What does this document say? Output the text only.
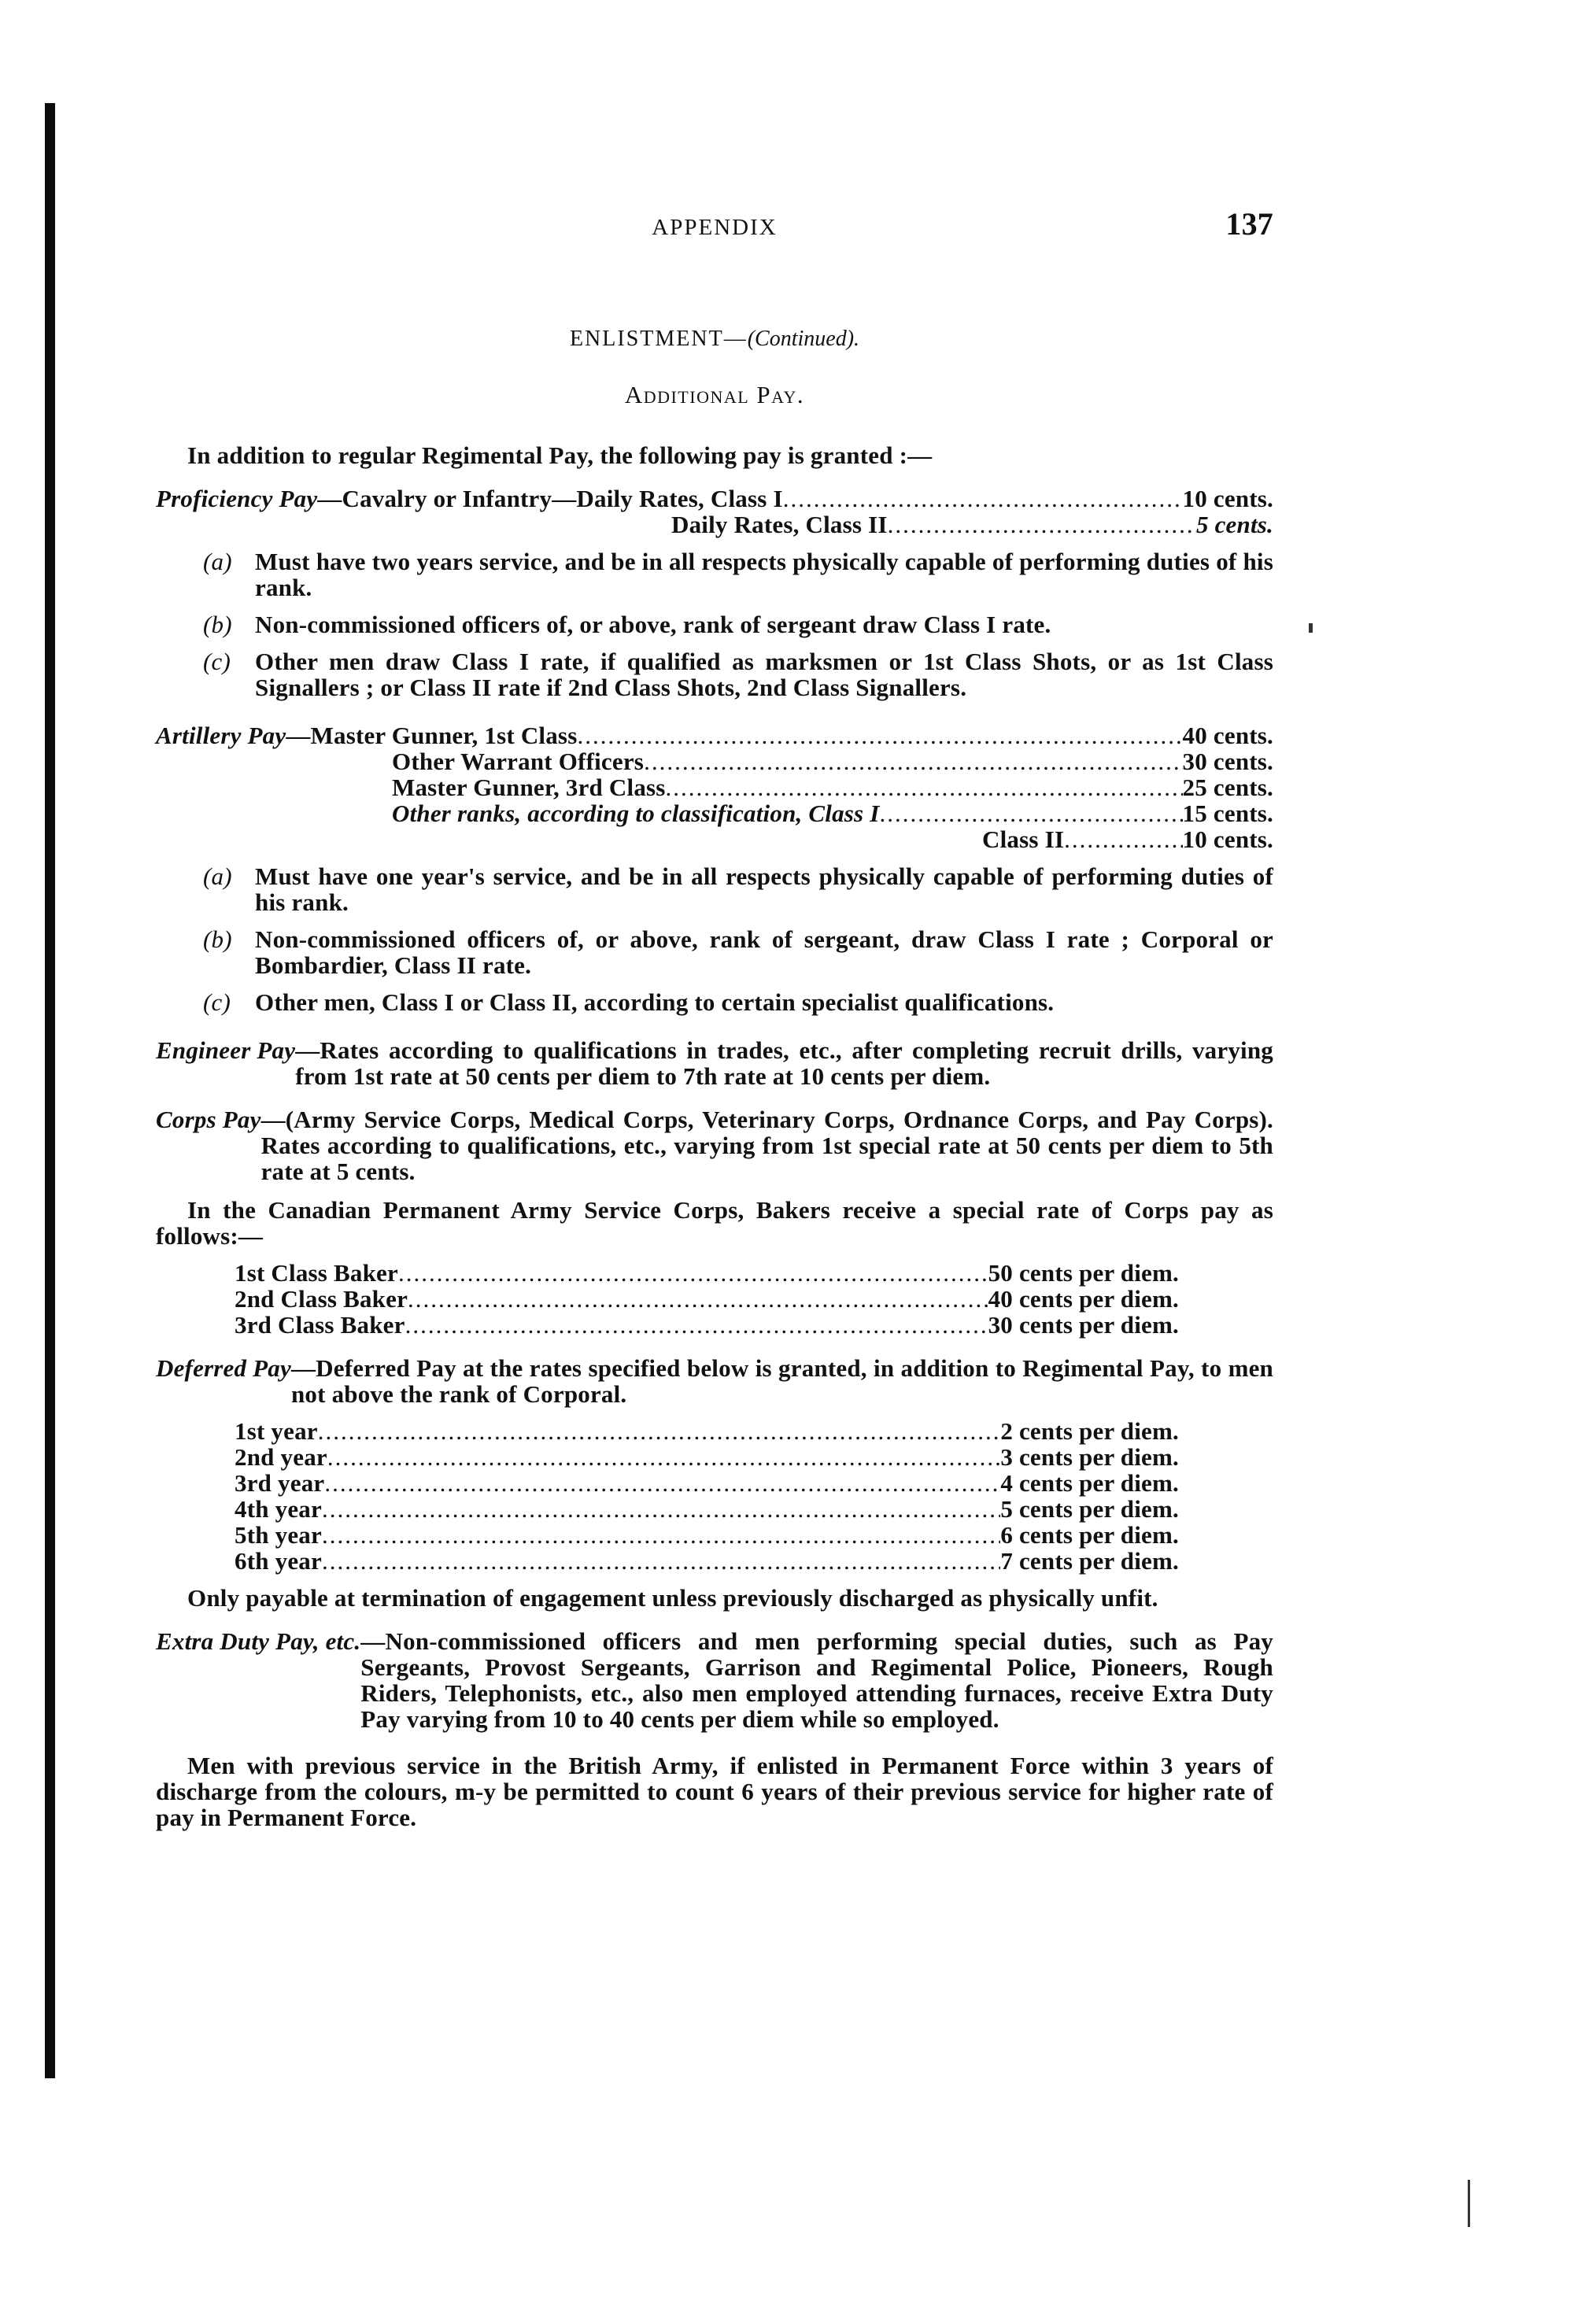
APPENDIX	137
ENLISTMENT—(Continued).
Additional Pay.
In addition to regular Regimental Pay, the following pay is granted :—
Proficiency Pay —Cavalry or Infantry— Daily Rates, Class I .....	10 cents.
Daily Rates, Class II .....	5 cents.
(a) Must have two years service, and be in all respects physically capable of performing duties of his rank.
(b) Non-commissioned officers of, or above, rank of sergeant draw Class I rate.
(c) Other men draw Class I rate, if qualified as marksmen or 1st Class Shots, or as 1st Class Signallers ; or Class II rate if 2nd Class Shots, 2nd Class Signallers.
Artillery Pay — Master Gunner, 1st Class .....	40 cents.
Other Warrant Officers .....	30 cents.
Master Gunner, 3rd Class .....	25 cents.
Other ranks, according to classification, Class I .....	15 cents.
Class II .....	10 cents.
(a) Must have one year's service, and be in all respects physically capable of performing duties of his rank.
(b) Non-commissioned officers of, or above, rank of sergeant, draw Class I rate ; Corporal or Bombardier, Class II rate.
(c) Other men, Class I or Class II, according to certain specialist qualifications.
Engineer Pay —Rates according to qualifications in trades, etc., after completing recruit drills, varying from 1st rate at 50 cents per diem to 7th rate at 10 cents per diem.
Corps Pay —(Army Service Corps, Medical Corps, Veterinary Corps, Ordnance Corps, and Pay Corps). Rates according to qualifications, etc., varying from 1st special rate at 50 cents per diem to 5th rate at 5 cents.
In the Canadian Permanent Army Service Corps, Bakers receive a special rate of Corps pay as follows:—
1st Class Baker .....	50 cents per diem.
2nd Class Baker .....	40 cents per diem.
3rd Class Baker .....	30 cents per diem.
Deferred Pay —Deferred Pay at the rates specified below is granted, in addition to Regimental Pay, to men not above the rank of Corporal.
1st year .....	2 cents per diem.
2nd year .....	3 cents per diem.
3rd year .....	4 cents per diem.
4th year .....	5 cents per diem.
5th year .....	6 cents per diem.
6th year .....	7 cents per diem.
Only payable at termination of engagement unless previously discharged as physically unfit.
Extra Duty Pay, etc. —Non-commissioned officers and men performing special duties, such as Pay Sergeants, Provost Sergeants, Garrison and Regimental Police, Pioneers, Rough Riders, Telephonists, etc., also men employed attending furnaces, receive Extra Duty Pay varying from 10 to 40 cents per diem while so employed.
Men with previous service in the British Army, if enlisted in Permanent Force within 3 years of discharge from the colours, m-y be permitted to count 6 years of their previous service for higher rate of pay in Permanent Force.
